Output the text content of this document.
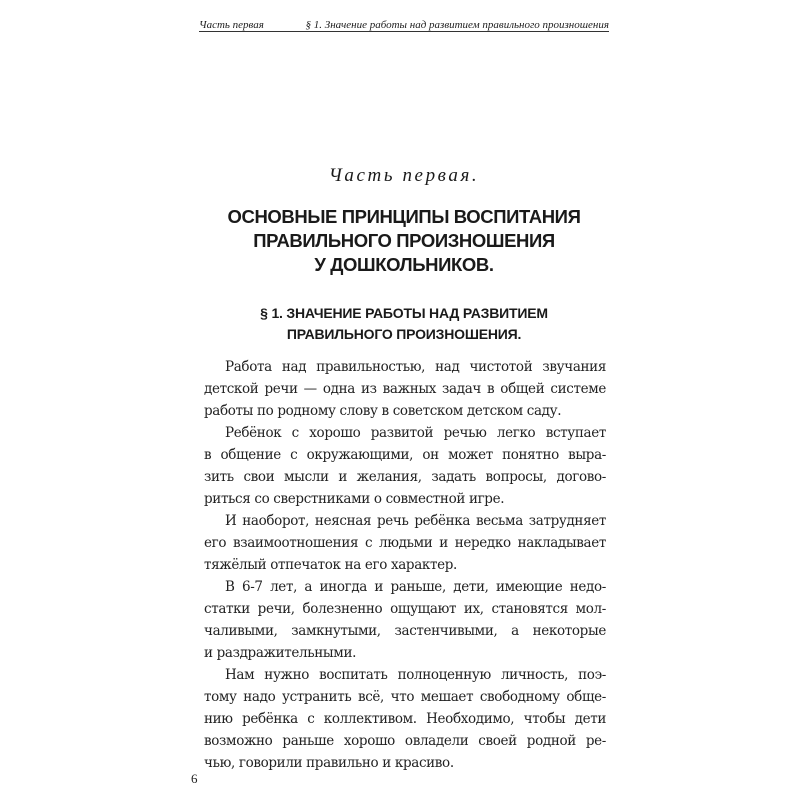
Часть первая	§ 1. Значение работы над развитием правильного произношения
Часть первая.
ОСНОВНЫЕ ПРИНЦИПЫ ВОСПИТАНИЯ
ПРАВИЛЬНОГО ПРОИЗНОШЕНИЯ
У ДОШКОЛЬНИКОВ.
§ 1. ЗНАЧЕНИЕ РАБОТЫ НАД РАЗВИТИЕМ
ПРАВИЛЬНОГО ПРОИЗНОШЕНИЯ.
Работа над правильностью, над чистотой звучания
детской речи — одна из важных задач в общей системе
работы по родному слову в советском детском саду.
Ребёнок с хорошо развитой речью легко вступает
в общение с окружающими, он может понятно выра-
зить свои мысли и желания, задать вопросы, догово-
риться со сверстниками о совместной игре.
И наоборот, неясная речь ребёнка весьма затрудняет
его взаимоотношения с людьми и нередко накладывает
тяжёлый отпечаток на его характер.
В 6-7 лет, а иногда и раньше, дети, имеющие недо-
статки речи, болезненно ощущают их, становятся мол-
чаливыми, замкнутыми, застенчивыми, а некоторые
и раздражительными.
Нам нужно воспитать полноценную личность, поэ-
тому надо устранить всё, что мешает свободному обще-
нию ребёнка с коллективом. Необходимо, чтобы дети
возможно раньше хорошо овладели своей родной ре-
чью, говорили правильно и красиво.
6
